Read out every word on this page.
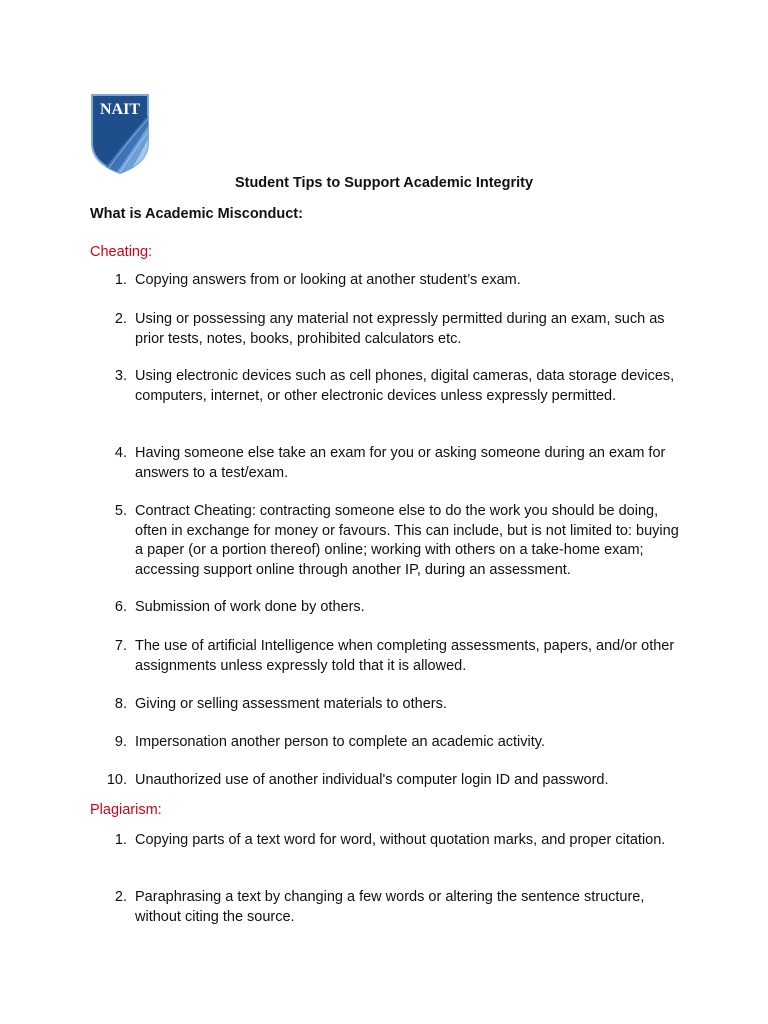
NAIT
Student Tips to Support Academic Integrity
What is Academic Misconduct:
Cheating:
1. Copying answers from or looking at another student’s exam.
2. Using or possessing any material not expressly permitted during an exam, such as prior tests, notes, books, prohibited calculators etc.
3. Using electronic devices such as cell phones, digital cameras, data storage devices, computers, internet, or other electronic devices unless expressly permitted.
4. Having someone else take an exam for you or asking someone during an exam for answers to a test/exam.
5. Contract Cheating: contracting someone else to do the work you should be doing, often in exchange for money or favours. This can include, but is not limited to: buying a paper (or a portion thereof) online; working with others on a take-home exam; accessing support online through another IP, during an assessment.
6. Submission of work done by others.
7. The use of artificial Intelligence when completing assessments, papers, and/or other assignments unless expressly told that it is allowed.
8. Giving or selling assessment materials to others.
9. Impersonation another person to complete an academic activity.
10. Unauthorized use of another individual's computer login ID and password.
Plagiarism:
1. Copying parts of a text word for word, without quotation marks, and proper citation.
2. Paraphrasing a text by changing a few words or altering the sentence structure, without citing the source.
